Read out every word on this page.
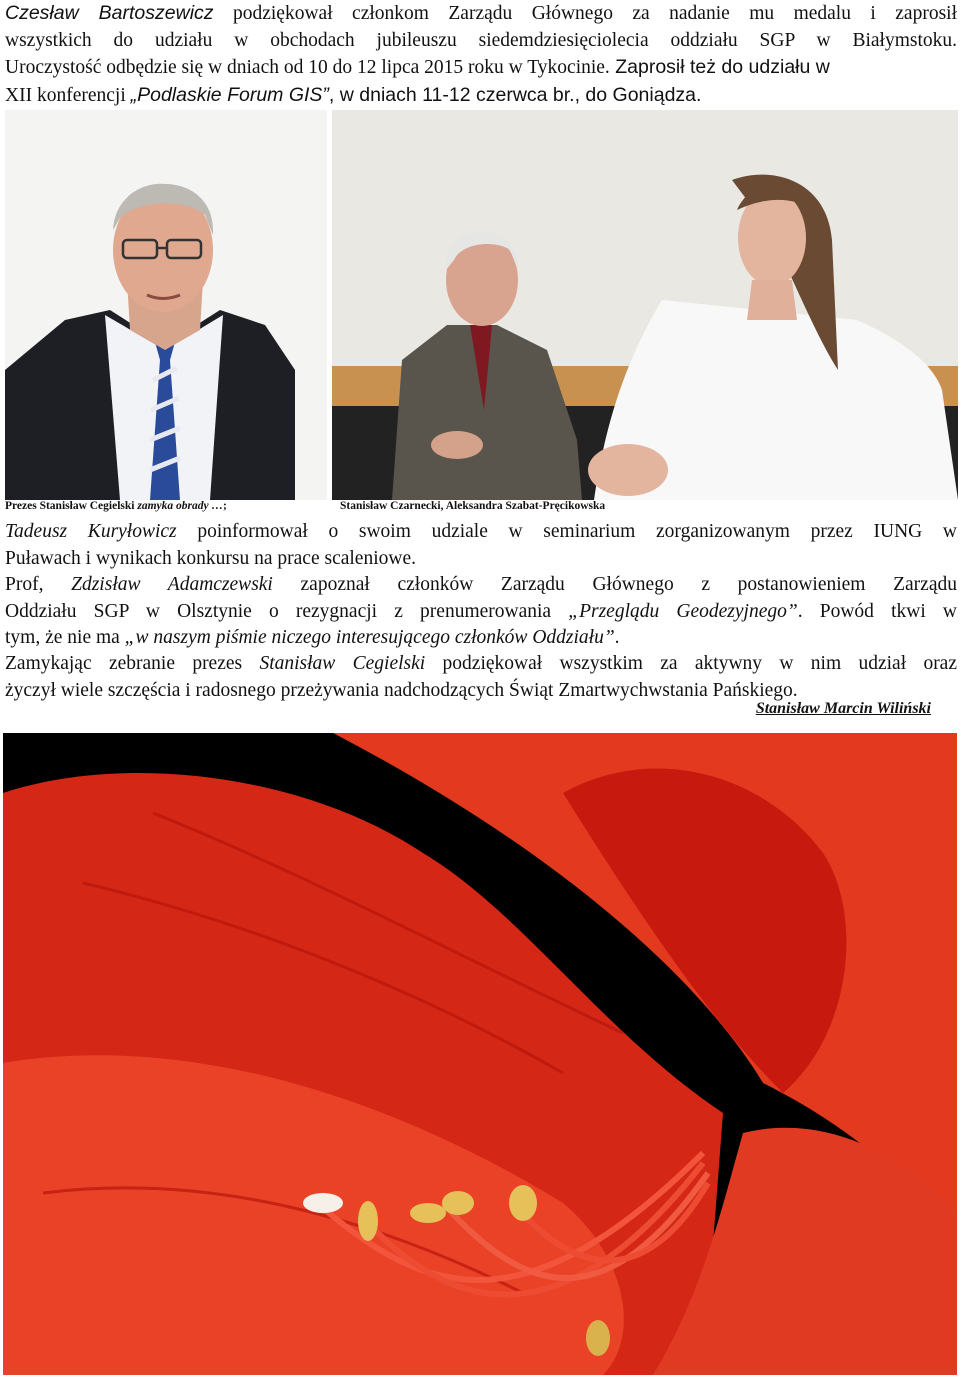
Czesław Bartoszewicz podziękował członkom Zarządu Głównego za nadanie mu medalu i zaprosił
wszystkich do udziału w obchodach jubileuszu siedemdziesięciolecia oddziału SGP w Białymstoku.
Uroczystość odbędzie się w dniach od 10 do 12 lipca 2015 roku w Tykocinie. Zaprosił też do udziału w
XII konferencji „Podlaskie Forum GIS”, w dniach 11-12 czerwca br., do Goniądza.
Prezes Stanisław Cegielski zamyka obrady …;	Stanisław Czarnecki, Aleksandra Szabat-Pręcikowska
Tadeusz Kuryłowicz poinformował o swoim udziale w seminarium zorganizowanym przez IUNG w
Puławach i wynikach konkursu na prace scaleniowe.
Prof, Zdzisław Adamczewski zapoznał członków Zarządu Głównego z postanowieniem Zarządu
Oddziału SGP w Olsztynie o rezygnacji z prenumerowania „Przeglądu Geodezyjnego”. Powód tkwi w
tym, że nie ma „w naszym piśmie niczego interesującego członków Oddziału”.
Zamykając zebranie prezes Stanisław Cegielski podziękował wszystkim za aktywny w nim udział oraz
życzył wiele szczęścia i radosnego przeżywania nadchodzących Świąt Zmartwychwstania Pańskiego.
Stanisław Marcin Wiliński
